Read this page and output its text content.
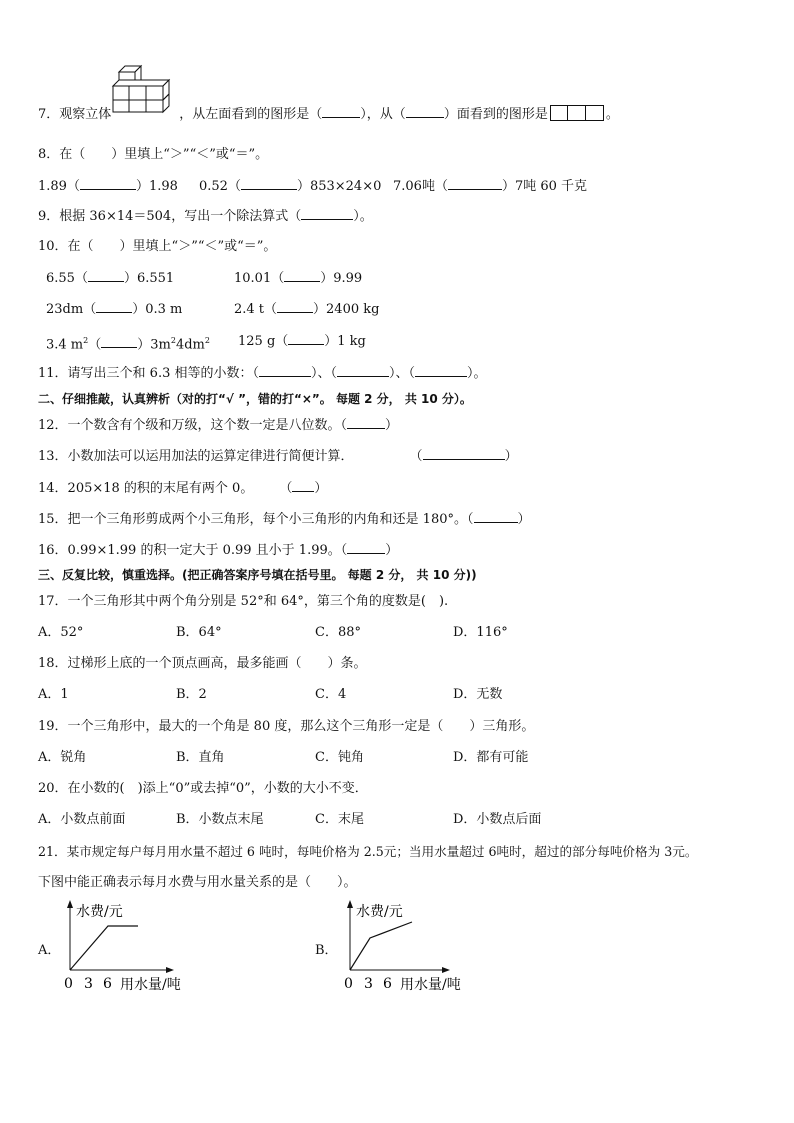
7．观察立体	，从左面看到的图形是（	），从（	）面看到的图形是	。
8．在（　　）里填上“＞”“＜”或“＝”。
1.89（	）1.98 0.52（	）853×24×0 7.06吨（	）7吨 60 千克
9．根据 36×14＝504，写出一个除法算式（	）。
10．在（　　）里填上“＞”“＜”或“＝”。
6.55（	）6.551	10.01（	）9.99
23dm（	）0.3 m	2.4 t（	）2400 kg
3.4 $m^2$（	）$3m^24dm^2$ 125 g（	）1 kg
11．请写出三个和 6.3 相等的小数：（	）、（	）、（	）。
二、仔细推敲，认真辨析（对的打“√ ”，错的打“×”。 每题 2 分， 共 10 分）。
12．一个数含有个级和万级，这个数一定是八位数。（	）
13．小数加法可以运用加法的运算定律进行简便计算．	（	）
14．205×18 的积的末尾有两个 0。 （ ）
15．把一个三角形剪成两个小三角形，每个小三角形的内角和还是 180°。（	）
16．0.99×1.99 的积一定大于 0.99 且小于 1.99。（	）
三、反复比较，慎重选择。(把正确答案序号填在括号里。 每题 2 分， 共 10 分))
17．一个三角形其中两个角分别是 52°和 64°，第三个角的度数是(　).
A．52°	B．64°	C．88°	D．116°
18．过梯形上底的一个顶点画高，最多能画（　　）条。
A．1	B．2	C．4	D．无数
19．一个三角形中，最大的一个角是 80 度，那么这个三角形一定是（　　）三角形。
A．锐角	B．直角	C．钝角	D．都有可能
20．在小数的(　)添上“0”或去掉“0”，小数的大小不变．
A．小数点前面	B．小数点末尾	C．末尾	D．小数点后面
21．某市规定每户每月用水量不超过 6 吨时，每吨价格为 2.5元；当用水量超过 6吨时，超过的部分每吨价格为 3元。
下图中能正确表示每月水费与用水量关系的是（　　）。
A．
水费/元
0 3 6 用水量/吨
B．
水费/元
0 3 6 用水量/吨
